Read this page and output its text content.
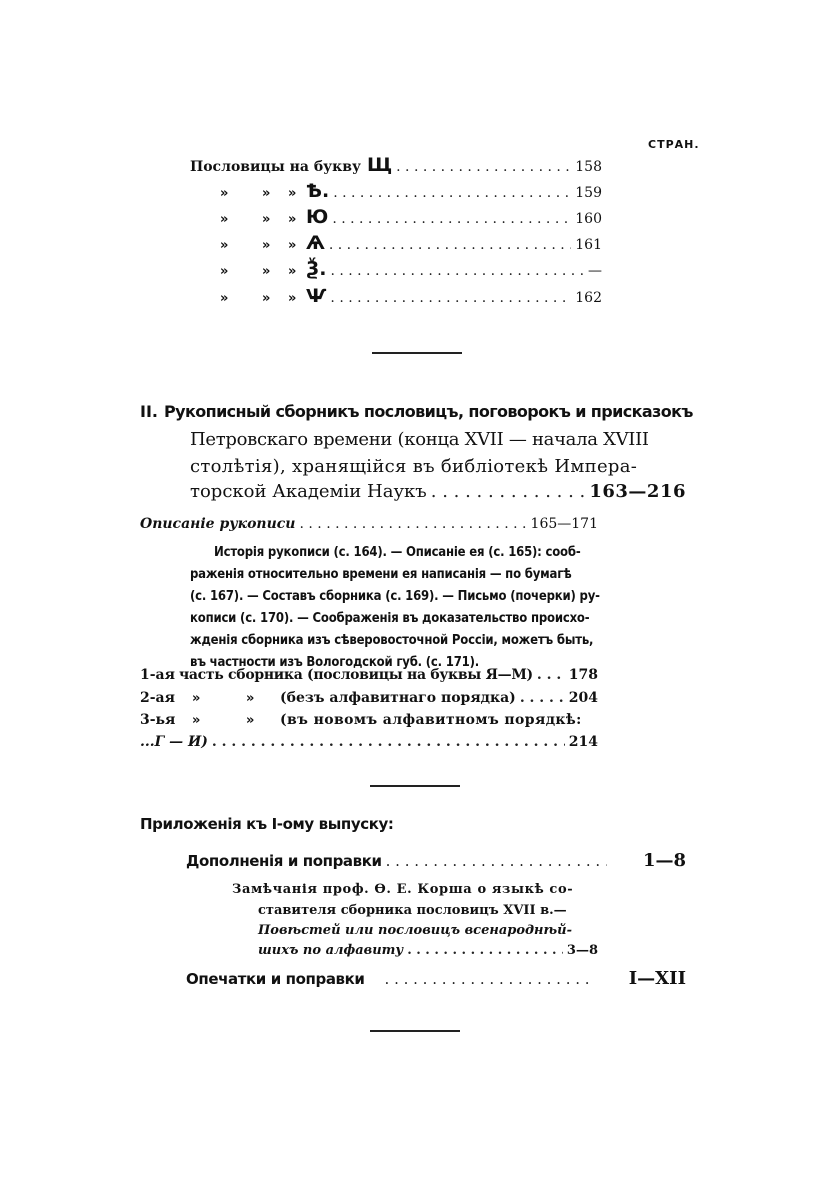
СТРАН.
Пословицы на букву Щ . . .	158
»	» » Ѣ. . . .	159
»	» » Ю . . .	160
»	» » Ѧ . . .	161
»	» » Ѯ. . . .	—
»	» » Ѱ . . .	162
II. Рукописный сборникъ пословицъ, поговорокъ и присказокъ
Петровскаго времени (конца XVII — начала XVIII
столѣтія), хранящійся въ библіотекѣ Импера-
торской Академіи Наукъ . . .	163—216
Описаніе рукописи . . .	165—171
Исторія рукописи (с. 164). — Описаніе ея (с. 165): сооб-
раженія относительно времени ея написанія — по бумагѣ
(с. 167). — Составъ сборника (с. 169). — Письмо (почерки) ру-
кописи (с. 170). — Соображенія въ доказательство происхо-
жденія сборника изъ сѣверовосточной Россіи, можетъ быть,
въ частности изъ Вологодской губ. (с. 171).
1-ая часть сборника (пословицы на буквы Я—М) . . .	178
2-ая	»	» (безъ алфавитнаго порядка) . . .	204
3-ья	»	» (въ новомъ алфавитномъ порядкѣ:
...Г — И) . . .	214
Приложенія къ I-ому выпуску:
Дополненія и поправки . . .	1—8
Замѣчанія проф. Ѳ. Е. Корша о языкѣ со-
ставителя сборника пословицъ XVII в.—
Повѣстей или пословицъ всенароднѣй-
шихъ по алфавиту . . .	3—8
Опечатки и поправки . . .	I—XII
